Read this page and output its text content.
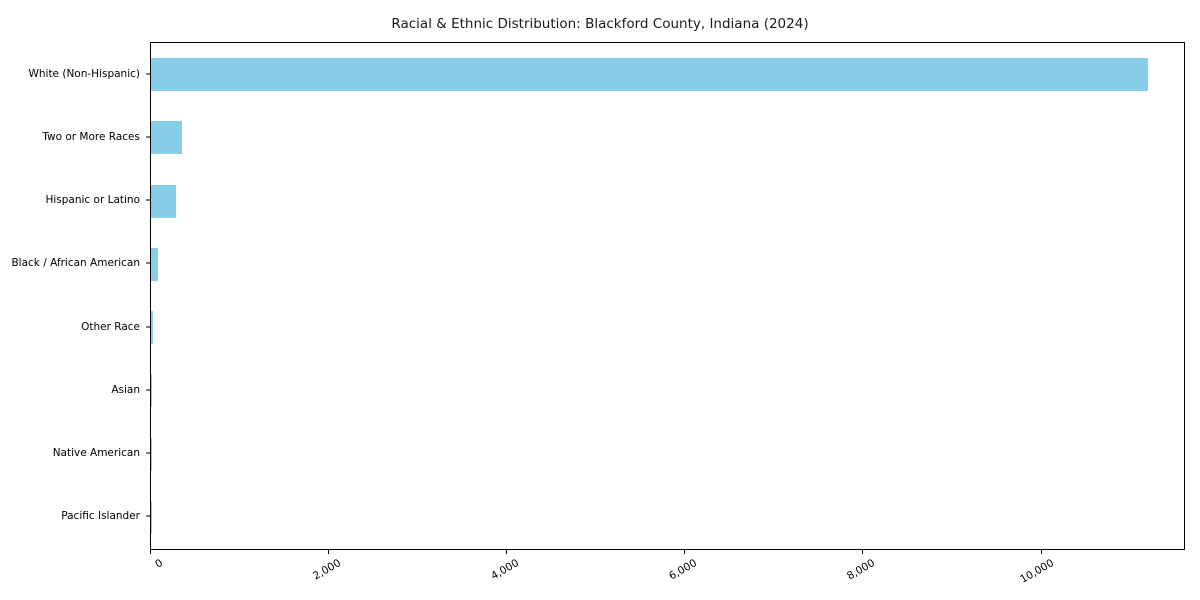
Racial & Ethnic Distribution: Blackford County, Indiana (2024)
White (Non-Hispanic)
Two or More Races
Hispanic or Latino
Black / African American
Other Race
Asian
Native American
Pacific Islander
0	2,000	4,000	6,000	8,000	10,000
